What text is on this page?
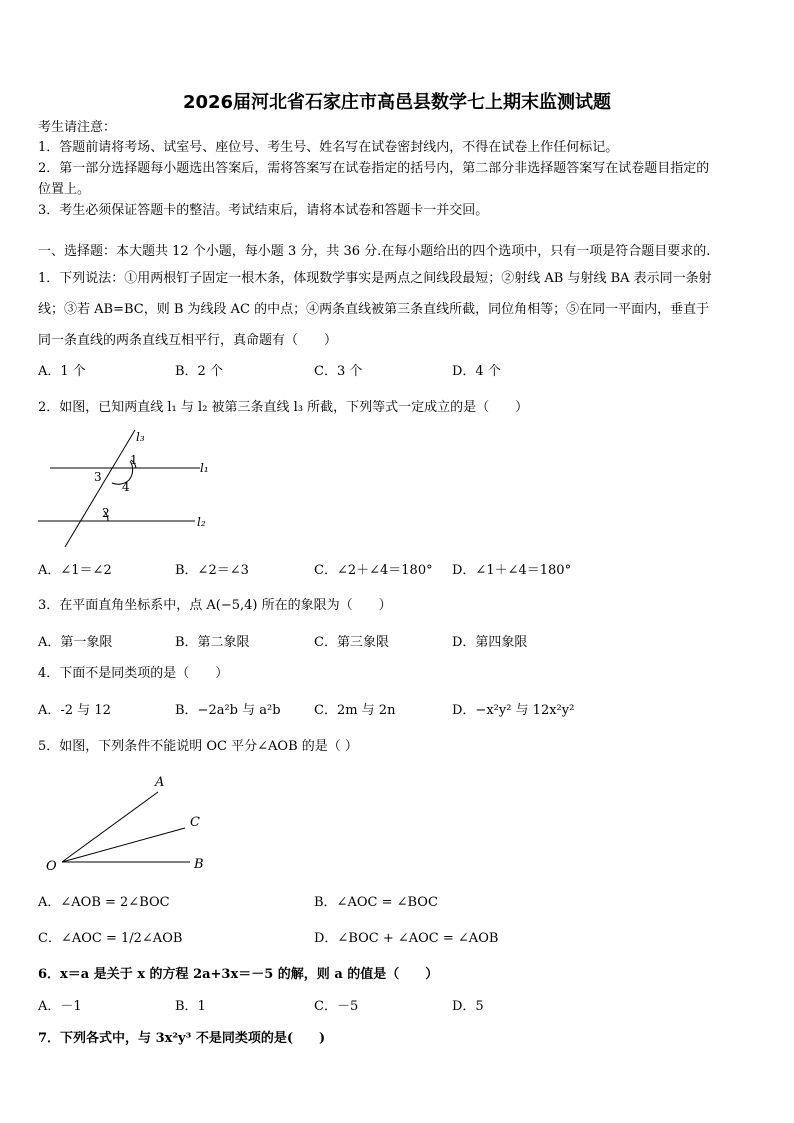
2026届河北省石家庄市高邑县数学七上期末监测试题
考生请注意：
1．答题前请将考场、试室号、座位号、考生号、姓名写在试卷密封线内，不得在试卷上作任何标记。
2．第一部分选择题每小题选出答案后，需将答案写在试卷指定的括号内，第二部分非选择题答案写在试卷题目指定的
位置上。
3．考生必须保证答题卡的整洁。考试结束后，请将本试卷和答题卡一并交回。
一、选择题：本大题共 12 个小题，每小题 3 分，共 36 分.在每小题给出的四个选项中，只有一项是符合题目要求的.
1．下列说法：①用两根钉子固定一根木条，体现数学事实是两点之间线段最短；②射线 AB 与射线 BA 表示同一条射
线；③若 AB=BC，则 B 为线段 AC 的中点；④两条直线被第三条直线所截，同位角相等；⑤在同一平面内，垂直于
同一条直线的两条直线互相平行，真命题有（　　）
A．1 个	B．2 个	C．3 个	D．4 个
2．如图，已知两直线 l₁ 与 l₂ 被第三条直线 l₃ 所截，下列等式一定成立的是（　　）
l₃
l₁
l₂
1
2
3
4
A．∠1＝∠2	B．∠2＝∠3	C．∠2＋∠4＝180° D．∠1＋∠4＝180°
3．在平面直角坐标系中，点 A(−5,4) 所在的象限为（　　）
A．第一象限	B．第二象限	C．第三象限	D．第四象限
4．下面不是同类项的是（　　）
A．-2 与 12	B．−2a²b 与 a²b	C．2m 与 2n	D．−x²y² 与 12x²y²
5．如图，下列条件不能说明 OC 平分∠AOB 的是（ ）
A
C
B
O
A．∠AOB = 2∠BOC	B．∠AOC = ∠BOC
C．∠AOC = 1/2∠AOB	D．∠BOC + ∠AOC = ∠AOB
6．x＝a 是关于 x 的方程 2a+3x＝－5 的解，则 a 的值是（　　）
A．－1	B．1	C．－5	D．5
7．下列各式中，与 3x²y³ 不是同类项的是(　　)
